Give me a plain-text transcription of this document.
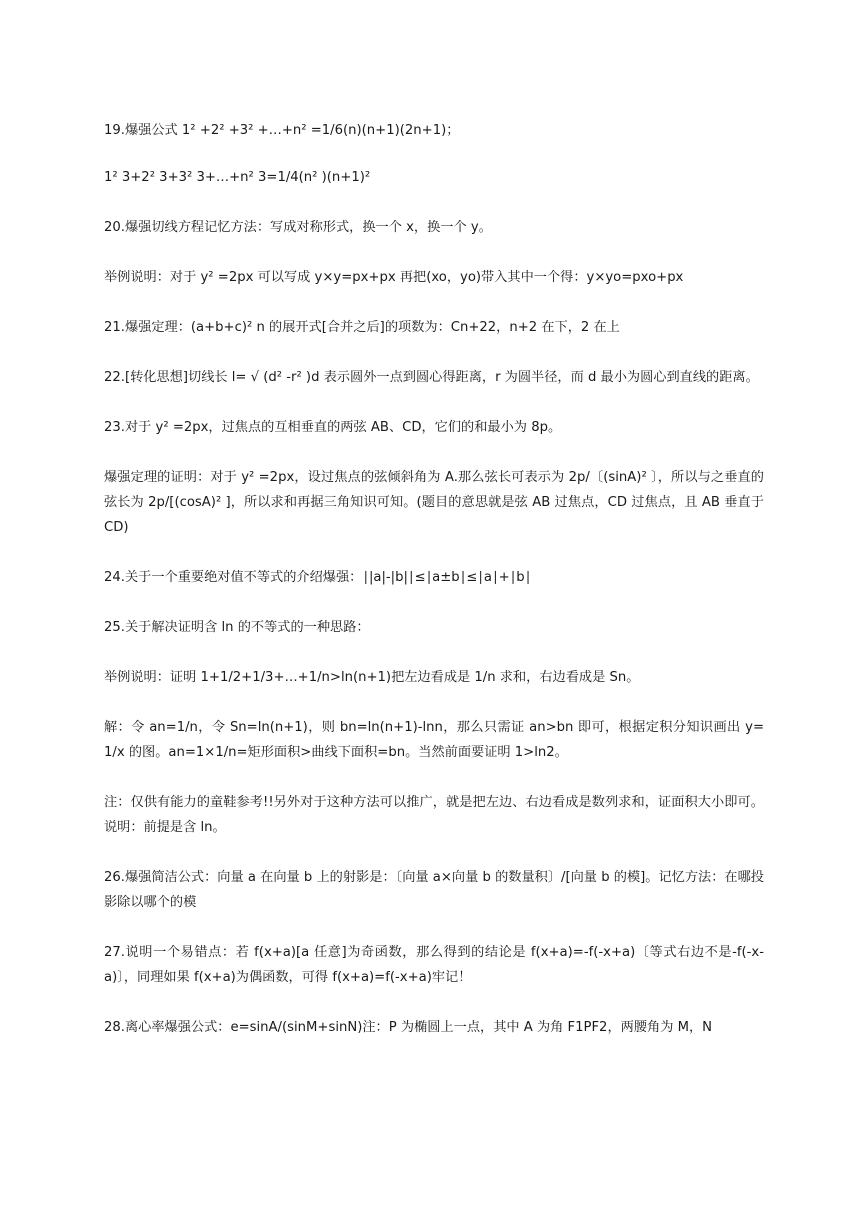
19.爆强公式 1² +2² +3² +…+n² =1/6(n)(n+1)(2n+1)；

1² 3+2² 3+3² 3+…+n² 3=1/4(n² )(n+1)²

20.爆强切线方程记忆方法：写成对称形式，换一个 x，换一个 y。

举例说明：对于 y² =2px 可以写成 y×y=px+px 再把(xo，yo)带入其中一个得：y×yo=pxo+px

21.爆强定理：(a+b+c)² n 的展开式[合并之后]的项数为：Cn+22，n+2 在下，2 在上

22.[转化思想]切线长 l= √ (d² -r² )d 表示圆外一点到圆心得距离，r 为圆半径，而 d 最小为圆心到直线的距离。

23.对于 y² =2px，过焦点的互相垂直的两弦 AB、CD，它们的和最小为 8p。

爆强定理的证明：对于 y² =2px，设过焦点的弦倾斜角为 A.那么弦长可表示为 2p/〔(sinA)² 〕，所以与之垂直的弦长为 2p/[(cosA)² ]，所以求和再据三角知识可知。(题目的意思就是弦 AB 过焦点，CD 过焦点，且 AB 垂直于 CD)

24.关于一个重要绝对值不等式的介绍爆强：∣|a|-|b|∣≤∣a±b∣≤∣a∣+∣b∣

25.关于解决证明含 ln 的不等式的一种思路：

举例说明：证明 1+1/2+1/3+…+1/n>ln(n+1)把左边看成是 1/n 求和，右边看成是 Sn。

解：令 an=1/n，令 Sn=ln(n+1)，则 bn=ln(n+1)-lnn，那么只需证 an>bn 即可，根据定积分知识画出 y=1/x 的图。an=1×1/n=矩形面积>曲线下面积=bn。当然前面要证明 1>ln2。

注：仅供有能力的童鞋参考!!另外对于这种方法可以推广，就是把左边、右边看成是数列求和，证面积大小即可。说明：前提是含 ln。

26.爆强简洁公式：向量 a 在向量 b 上的射影是：〔向量 a×向量 b 的数量积〕/[向量 b 的模]。记忆方法：在哪投影除以哪个的模

27.说明一个易错点：若 f(x+a)[a 任意]为奇函数，那么得到的结论是 f(x+a)=-f(-x+a)〔等式右边不是-f(-x-a)〕，同理如果 f(x+a)为偶函数，可得 f(x+a)=f(-x+a)牢记！

28.离心率爆强公式：e=sinA/(sinM+sinN)注：P 为椭圆上一点，其中 A 为角 F1PF2，两腰角为 M，N
